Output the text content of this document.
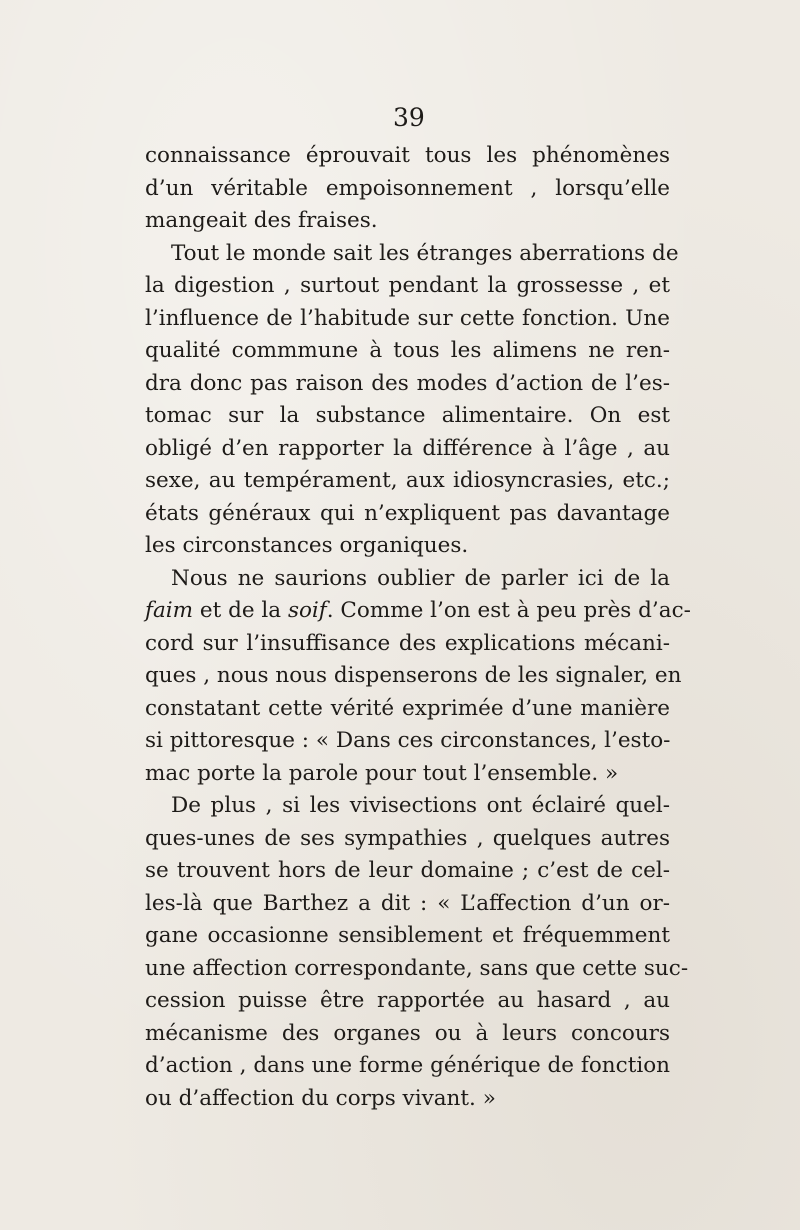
39
connaissance éprouvait tous les phénomènes
d’un véritable empoisonnement , lorsqu’elle
mangeait des fraises.
Tout le monde sait les étranges aberrations de
la digestion , surtout pendant la grossesse , et
l’influence de l’habitude sur cette fonction. Une
qualité commmune à tous les alimens ne ren-
dra donc pas raison des modes d’action de l’es-
tomac sur la substance alimentaire. On est
obligé d’en rapporter la différence à l’âge , au
sexe, au tempérament, aux idiosyncrasies, etc.;
états généraux qui n’expliquent pas davantage
les circonstances organiques.
Nous ne saurions oublier de parler ici de la
faim et de la soif. Comme l’on est à peu près d’ac-
cord sur l’insuffisance des explications mécani-
ques , nous nous dispenserons de les signaler, en
constatant cette vérité exprimée d’une manière
si pittoresque : « Dans ces circonstances, l’esto-
mac porte la parole pour tout l’ensemble. »
De plus , si les vivisections ont éclairé quel-
ques-unes de ses sympathies , quelques autres
se trouvent hors de leur domaine ; c’est de cel-
les-là que Barthez a dit : « L’affection d’un or-
gane occasionne sensiblement et fréquemment
une affection correspondante, sans que cette suc-
cession puisse être rapportée au hasard , au
mécanisme des organes ou à leurs concours
d’action , dans une forme générique de fonction
ou d’affection du corps vivant. »
